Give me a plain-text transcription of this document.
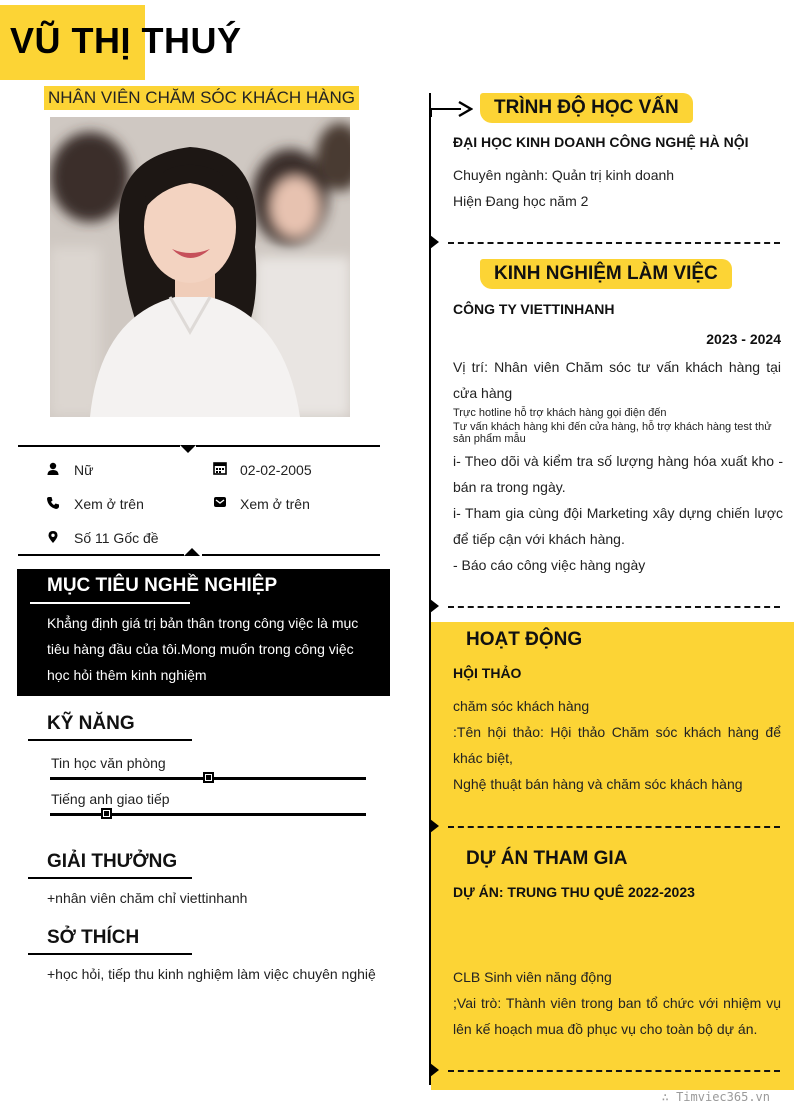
VŨ THỊ THUÝ
NHÂN VIÊN CHĂM SÓC KHÁCH HÀNG
Nữ	02-02-2005
Xem ở trên	Xem ở trên
Số 11 Gốc đề
MỤC TIÊU NGHỀ NGHIỆP
Khẳng định giá trị bản thân trong công việc là mục tiêu hàng đầu của tôi.Mong muốn trong công việc học hỏi thêm kinh nghiệm
KỸ NĂNG
Tin học văn phòng
Tiếng anh giao tiếp
GIẢI THƯỞNG
+nhân viên chăm chỉ viettinhanh
SỞ THÍCH
+học hỏi, tiếp thu kinh nghiệm làm việc chuyên nghiệ
TRÌNH ĐỘ HỌC VẤN
ĐẠI HỌC KINH DOANH CÔNG NGHỆ HÀ NỘI
Chuyên ngành: Quản trị kinh doanh
Hiện Đang học năm 2
KINH NGHIỆM LÀM VIỆC
CÔNG TY VIETTINHANH
2023 - 2024
Vị trí: Nhân viên Chăm sóc tư vấn khách hàng tại cửa hàng
Trực hotline hỗ trợ khách hàng gọi điện đến
Tư vấn khách hàng khi đến cửa hàng, hỗ trợ khách hàng test thử sản phẩm mẫu
i- Theo dõi và kiểm tra số lượng hàng hóa xuất kho - bán ra trong ngày.
i- Tham gia cùng đội Marketing xây dựng chiến lược để tiếp cận với khách hàng.
- Báo cáo công việc hàng ngày
HOẠT ĐỘNG
HỘI THẢO
chăm sóc khách hàng
:Tên hội thảo: Hội thảo Chăm sóc khách hàng để khác biệt,
Nghệ thuật bán hàng và chăm sóc khách hàng
DỰ ÁN THAM GIA
DỰ ÁN: TRUNG THU QUÊ 2022-2023
CLB Sinh viên năng động
;Vai trò: Thành viên trong ban tổ chức với nhiệm vụ lên kế hoạch mua đồ phục vụ cho toàn bộ dự án.
∴ Timviec365.vn
